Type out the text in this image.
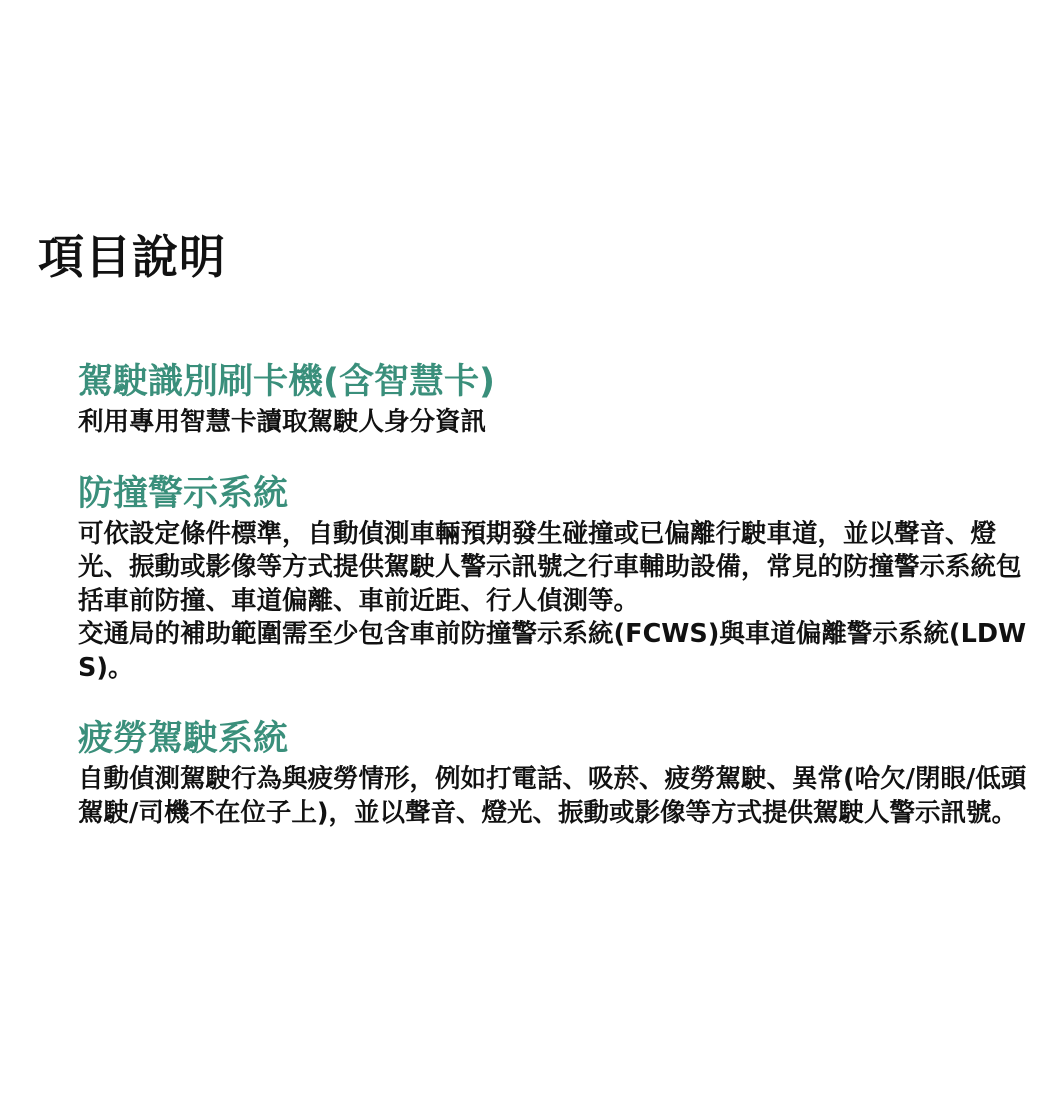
項目說明
駕駛識別刷卡機(含智慧卡)

利用專用智慧卡讀取駕駛人身分資訊

防撞警示系統

可依設定條件標準，自動偵測車輛預期發生碰撞或已偏離行駛車道，並以聲音、燈光、振動或影像等方式提供駕駛人警示訊號之行車輔助設備，常見的防撞警示系統包括車前防撞、車道偏離、車前近距、行人偵測等。

交通局的補助範圍需至少包含車前防撞警示系統(FCWS)與車道偏離警示系統(LDWS)。

疲勞駕駛系統

自動偵測駕駛行為與疲勞情形，例如打電話、吸菸、疲勞駕駛、異常(哈欠/閉眼/低頭駕駛/司機不在位子上)，並以聲音、燈光、振動或影像等方式提供駕駛人警示訊號。
